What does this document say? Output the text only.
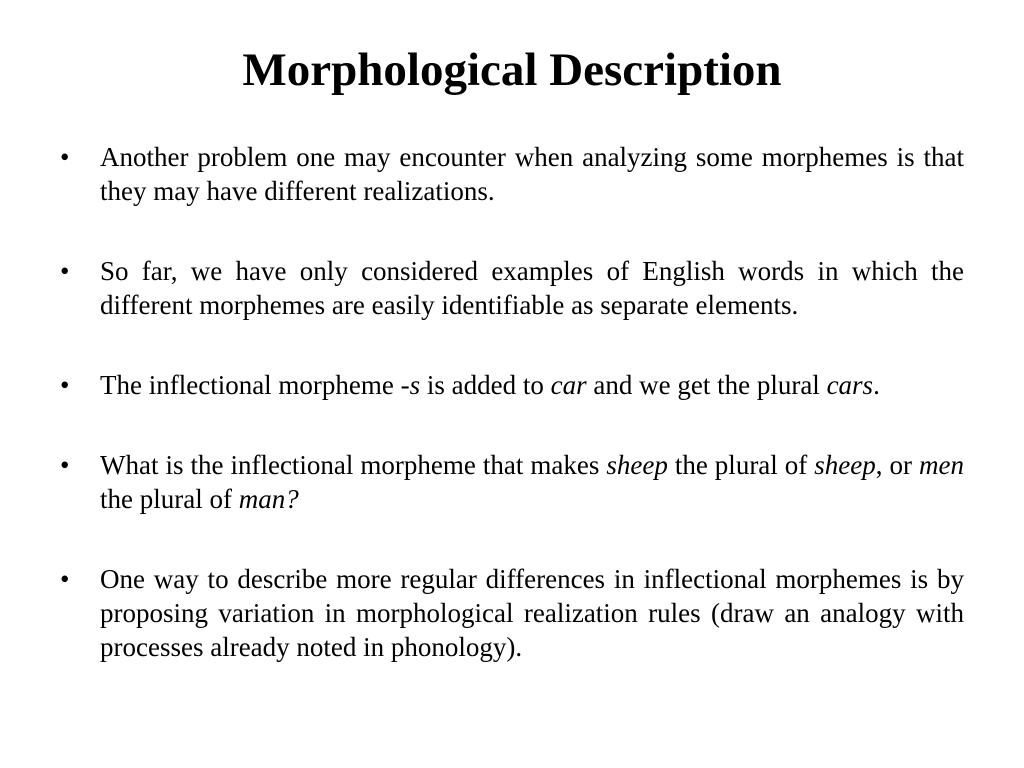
Morphological Description
• Another problem one may encounter when analyzing some morphemes is that they may have different realizations.
• So far, we have only considered examples of English words in which the different morphemes are easily identifiable as separate elements.
• The inflectional morpheme -s is added to car and we get the plural cars.
• What is the inflectional morpheme that makes sheep the plural of sheep, or men the plural of man?
• One way to describe more regular differences in inflectional morphemes is by proposing variation in morphological realization rules (draw an analogy with processes already noted in phonology).
